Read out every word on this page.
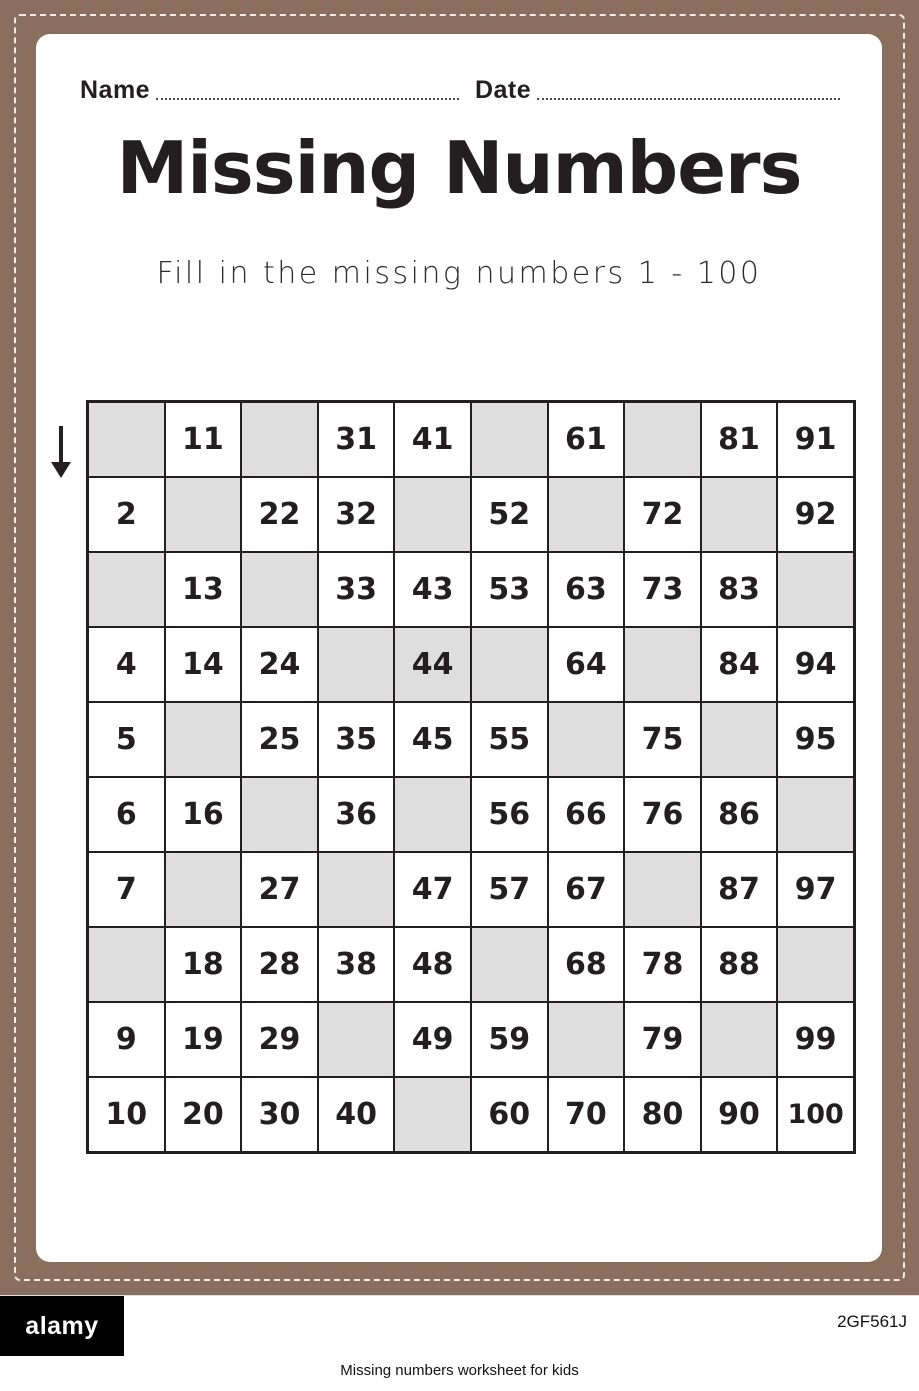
Name	Date
Missing Numbers
Fill in the missing numbers 1 - 100
	11		31	41		61		81	91
2		22	32		52		72		92
	13		33	43	53	63	73	83	
4	14	24		44		64		84	94
5		25	35	45	55		75		95
6	16		36		56	66	76	86	
7		27		47	57	67		87	97
	18	28	38	48		68	78	88	
9	19	29		49	59		79		99
10	20	30	40		60	70	80	90	100
alamy	2GF561J
Missing numbers worksheet for kids
